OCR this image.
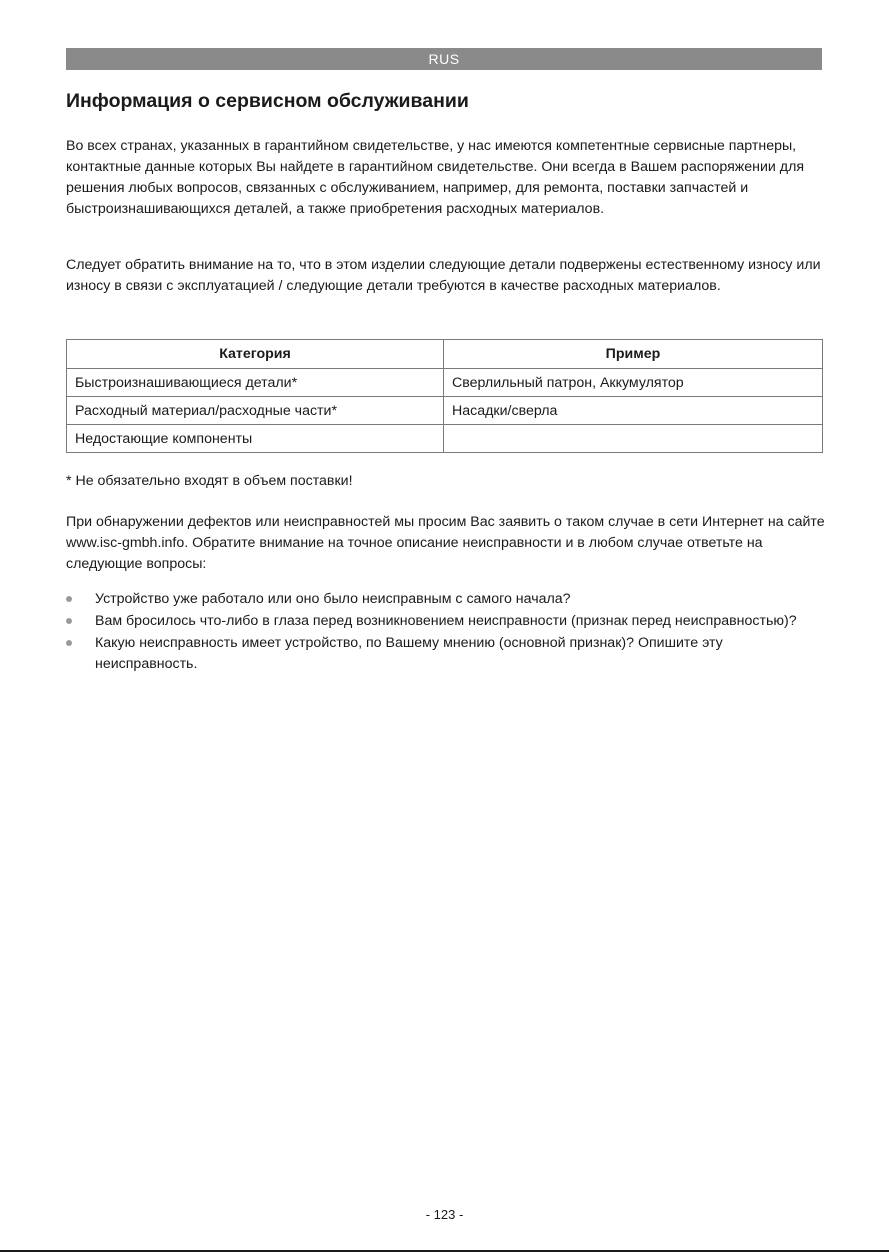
RUS
Информация о сервисном обслуживании

Во всех странах, указанных в гарантийном свидетельстве, у нас имеются компетентные сервисные партнеры, контактные данные которых Вы найдете в гарантийном свидетельстве. Они всегда в Вашем распоряжении для решения любых вопросов, связанных с обслуживанием, например, для ремонта, поставки запчастей и быстроизнашивающихся деталей, а также приобретения расходных материалов.

Следует обратить внимание на то, что в этом изделии следующие детали подвержены естественному износу или износу в связи с эксплуатацией / следующие детали требуются в качестве расходных материалов.

Категория	Пример
Быстроизнашивающиеся детали*	Сверлильный патрон, Аккумулятор
Расходный материал/расходные части*	Насадки/сверла
Недостающие компоненты	

* Не обязательно входят в объем поставки!

При обнаружении дефектов или неисправностей мы просим Вас заявить о таком случае в сети Интернет на сайте www.isc-gmbh.info. Обратите внимание на точное описание неисправности и в любом случае ответьте на следующие вопросы:

Устройство уже работало или оно было неисправным с самого начала?
Вам бросилось что-либо в глаза перед возникновением неисправности (признак перед неисправностью)?
Какую неисправность имеет устройство, по Вашему мнению (основной признак)? Опишите эту неисправность.
- 123 -
